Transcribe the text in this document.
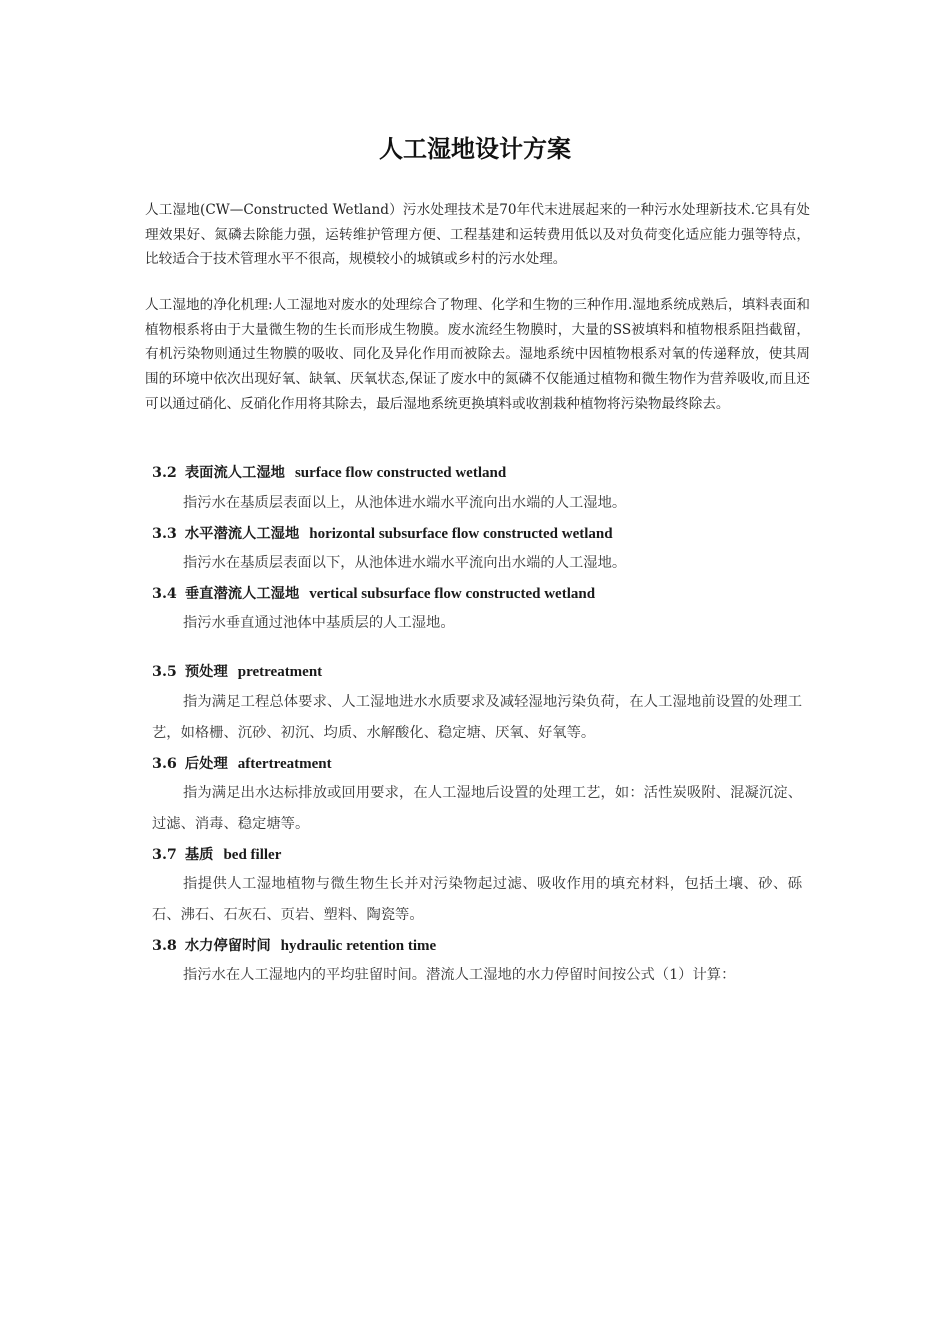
人工湿地设计方案

人工湿地(CW—Constructed Wetland）污水处理技术是70年代末进展起来的一种污水处理新技术.它具有处理效果好、氮磷去除能力强，运转维护管理方便、工程基建和运转费用低以及对负荷变化适应能力强等特点，比较适合于技术管理水平不很高，规模较小的城镇或乡村的污水处理。

人工湿地的净化机理:人工湿地对废水的处理综合了物理、化学和生物的三种作用.湿地系统成熟后，填料表面和植物根系将由于大量微生物的生长而形成生物膜。废水流经生物膜时，大量的SS被填料和植物根系阻挡截留，有机污染物则通过生物膜的吸收、同化及异化作用而被除去。湿地系统中因植物根系对氧的传递释放，使其周围的环境中依次出现好氧、缺氧、厌氧状态,保证了废水中的氮磷不仅能通过植物和微生物作为营养吸收,而且还可以通过硝化、反硝化作用将其除去，最后湿地系统更换填料或收割栽种植物将污染物最终除去。

3.2 表面流人工湿地 surface flow constructed wetland

指污水在基质层表面以上，从池体进水端水平流向出水端的人工湿地。

3.3 水平潜流人工湿地 horizontal subsurface flow constructed wetland

指污水在基质层表面以下，从池体进水端水平流向出水端的人工湿地。

3.4 垂直潜流人工湿地 vertical subsurface flow constructed wetland

指污水垂直通过池体中基质层的人工湿地。

3.5 预处理 pretreatment

指为满足工程总体要求、人工湿地进水水质要求及减轻湿地污染负荷，在人工湿地前设置的处理工艺，如格栅、沉砂、初沉、均质、水解酸化、稳定塘、厌氧、好氧等。

3.6 后处理 aftertreatment

指为满足出水达标排放或回用要求，在人工湿地后设置的处理工艺，如：活性炭吸附、混凝沉淀、过滤、消毒、稳定塘等。

3.7 基质 bed filler

指提供人工湿地植物与微生物生长并对污染物起过滤、吸收作用的填充材料，包括土壤、砂、砾石、沸石、石灰石、页岩、塑料、陶瓷等。

3.8 水力停留时间 hydraulic retention time

指污水在人工湿地内的平均驻留时间。潜流人工湿地的水力停留时间按公式（1）计算：
